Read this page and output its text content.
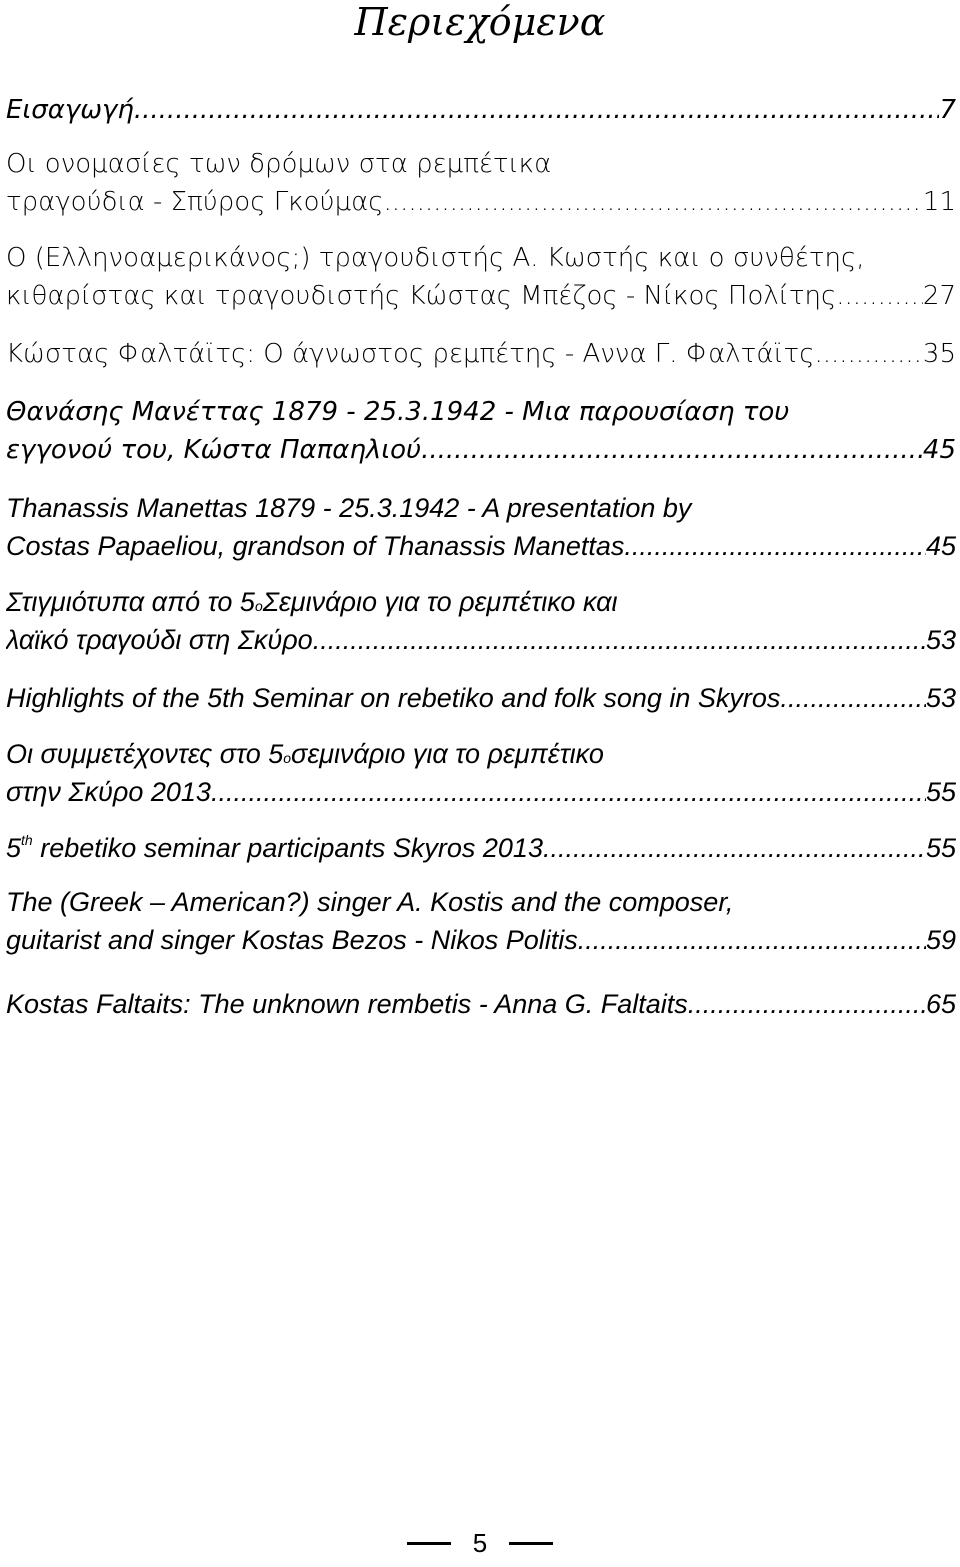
Περιεχόμενα
Εισαγωγή .....	7
Οι ονομασίες των δρόμων στα ρεμπέτικα
τραγούδια - Σπύρος Γκούμας .....	11
Ο (Ελληνοαμερικάνος;) τραγουδιστής Α. Κωστής και ο συνθέτης,
κιθαρίστας και τραγουδιστής Κώστας Μπέζος - Νίκος Πολίτης .....	27
Κώστας Φαλτάϊτς: Ο άγνωστος ρεμπέτης - Αννα Γ. Φαλτάϊτς .....	35
Θανάσης Μανέττας 1879 - 25.3.1942 - Μια παρουσίαση του
εγγονού του, Κώστα Παπαηλιού .....	45
Thanassis Manettas 1879 - 25.3.1942 - A presentation by
Costas Papaeliou, grandson of Thanassis Manettas .....	45
Στιγμιότυπα από το 5 ο Σεμινάριο για το ρεμπέτικο και
λαϊκό τραγούδι στη Σκύρο .....	53
Highlights of the 5th Seminar on rebetiko and folk song in Skyros. .....	53
Οι συμμετέχοντες στο 5 ο σεμινάριο για το ρεμπέτικο
στην Σκύρο 2013 .....	55
5th rebetiko seminar participants Skyros 2013 .....	55
The (Greek – American?) singer A. Kostis and the composer,
guitarist and singer Kostas Bezos - Nikos Politis .....	59
Kostas Faltaits: The unknown rembetis - Anna G. Faltaits .....	65
5
